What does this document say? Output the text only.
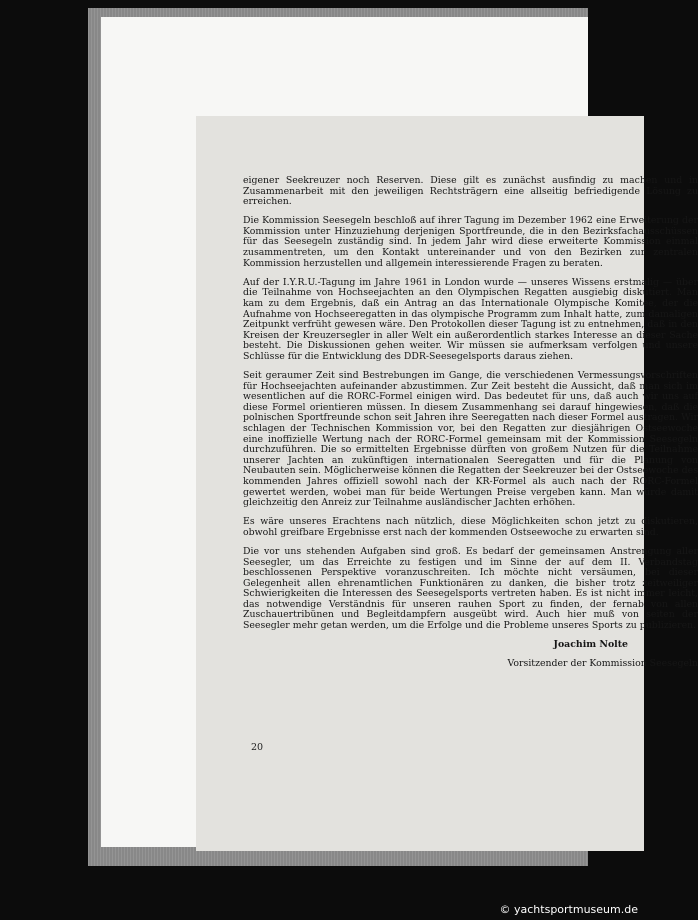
eigener Seekreuzer noch Reserven. Diese gilt es zunächst ausfindig zu machen und in Zusammenarbeit mit den jeweiligen Rechtsträgern eine allseitig befriedigende Lösung zu erreichen.

Die Kommission Seesegeln beschloß auf ihrer Tagung im Dezember 1962 eine Erweiterung der Kommission unter Hinzuziehung derjenigen Sportfreunde, die in den Bezirksfachausschüssen für das Seesegeln zuständig sind. In jedem Jahr wird diese erweiterte Kommission einmal zusammentreten, um den Kontakt untereinander und von den Bezirken zur zentralen Kommission herzustellen und allgemein interessierende Fragen zu beraten.

Auf der I.Y.R.U.-Tagung im Jahre 1961 in London wurde — unseres Wissens erstmalig — über die Teilnahme von Hochseejachten an den Olympischen Regatten ausgiebig diskutiert. Man kam zu dem Ergebnis, daß ein Antrag an das Internationale Olympische Komitee, der die Aufnahme von Hochseeregatten in das olympische Programm zum Inhalt hatte, zum damaligen Zeitpunkt verfrüht gewesen wäre. Den Protokollen dieser Tagung ist zu entnehmen, daß in den Kreisen der Kreuzersegler in aller Welt ein außerordentlich starkes Interesse an dieser Sache besteht. Die Diskussionen gehen weiter. Wir müssen sie aufmerksam verfolgen und unsere Schlüsse für die Entwicklung des DDR-Seesegelsports daraus ziehen.

Seit geraumer Zeit sind Bestrebungen im Gange, die verschiedenen Vermessungsvorschriften für Hochseejachten aufeinander abzustimmen. Zur Zeit besteht die Aussicht, daß man sich im wesentlichen auf die RORC-Formel einigen wird. Das bedeutet für uns, daß auch wir uns auf diese Formel orientieren müssen. In diesem Zusammenhang sei darauf hingewiesen, daß die polnischen Sportfreunde schon seit Jahren ihre Seeregatten nach dieser Formel austragen. Wir schlagen der Technischen Kommission vor, bei den Regatten zur diesjährigen Ostseewoche eine inoffizielle Wertung nach der RORC-Formel gemeinsam mit der Kommission Seesegeln durchzuführen. Die so ermittelten Ergebnisse dürften von großem Nutzen für die Teilnahme unserer Jachten an zukünftigen internationalen Seeregatten und für die Planung von Neubauten sein. Möglicherweise können die Regatten der Seekreuzer bei der Ostseewoche des kommenden Jahres offiziell sowohl nach der KR-Formel als auch nach der RORC-Formel gewertet werden, wobei man für beide Wertungen Preise vergeben kann. Man würde damit gleichzeitig den Anreiz zur Teilnahme ausländischer Jachten erhöhen.

Es wäre unseres Erachtens nach nützlich, diese Möglichkeiten schon jetzt zu diskutieren, obwohl greifbare Ergebnisse erst nach der kommenden Ostseewoche zu erwarten sind.

Die vor uns stehenden Aufgaben sind groß. Es bedarf der gemeinsamen Anstrengung aller Seesegler, um das Erreichte zu festigen und im Sinne der auf dem II. Verbandstag beschlossenen Perspektive voranzuschreiten. Ich möchte nicht versäumen, bei dieser Gelegenheit allen ehrenamtlichen Funktionären zu danken, die bisher trotz zeitweiliger Schwierigkeiten die Interessen des Seesegelsports vertreten haben. Es ist nicht immer leicht, das notwendige Verständnis für unseren rauhen Sport zu finden, der fernab von allen Zuschauertribünen und Begleitdampfern ausgeübt wird. Auch hier muß von seiten der Seesegler mehr getan werden, um die Erfolge und die Probleme unseres Sports zu publizieren.

Joachim Nolte

Vorsitzender der Kommission Seesegeln

20
© yachtsportmuseum.de
